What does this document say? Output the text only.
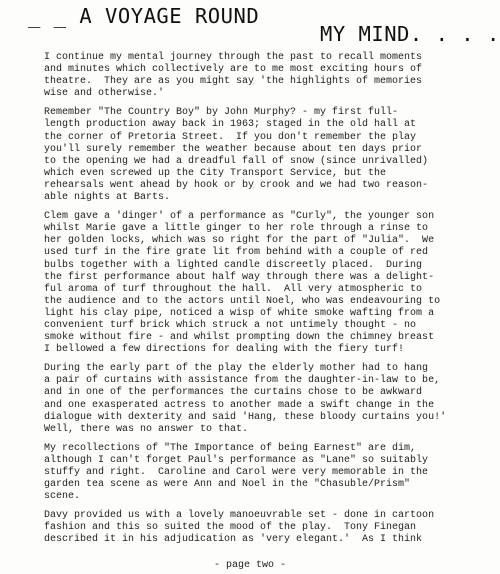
_ _ A VOYAGE ROUND
MY MIND. . . .

I continue my mental journey through the past to recall moments
and minutes which collectively are to me most exciting hours of
theatre.  They are as you might say 'the highlights of memories
wise and otherwise.'

Remember "The Country Boy" by John Murphy? - my first full-
length production away back in 1963; staged in the old hall at
the corner of Pretoria Street.  If you don't remember the play
you'll surely remember the weather because about ten days prior
to the opening we had a dreadful fall of snow (since unrivalled)
which even screwed up the City Transport Service, but the
rehearsals went ahead by hook or by crook and we had two reason-
able nights at Barts.

Clem gave a 'dinger' of a performance as "Curly", the younger son
whilst Marie gave a little ginger to her role through a rinse to
her golden locks, which was so right for the part of "Julia".  We
used turf in the fire grate lit from behind with a couple of red
bulbs together with a lighted candle discreetly placed.  During
the first performance about half way through there was a delight-
ful aroma of turf throughout the hall.  All very atmospheric to
the audience and to the actors until Noel, who was endeavouring to
light his clay pipe, noticed a wisp of white smoke wafting from a
convenient turf brick which struck a not untimely thought - no
smoke without fire - and whilst prompting down the chimney breast
I bellowed a few directions for dealing with the fiery turf!

During the early part of the play the elderly mother had to hang
a pair of curtains with assistance from the daughter-in-law to be,
and in one of the performances the curtains chose to be awkward
and one exasperated actress to another made a swift change in the
dialogue with dexterity and said 'Hang, these bloody curtains you!'
Well, there was no answer to that.

My recollections of "The Importance of being Earnest" are dim,
although I can't forget Paul's performance as "Lane" so suitably
stuffy and right.  Caroline and Carol were very memorable in the
garden tea scene as were Ann and Noel in the "Chasuble/Prism"
scene.

Davy provided us with a lovely manoeuvrable set - done in cartoon
fashion and this so suited the mood of the play.  Tony Finegan
described it in his adjudication as 'very elegant.'  As I think

- page two -
